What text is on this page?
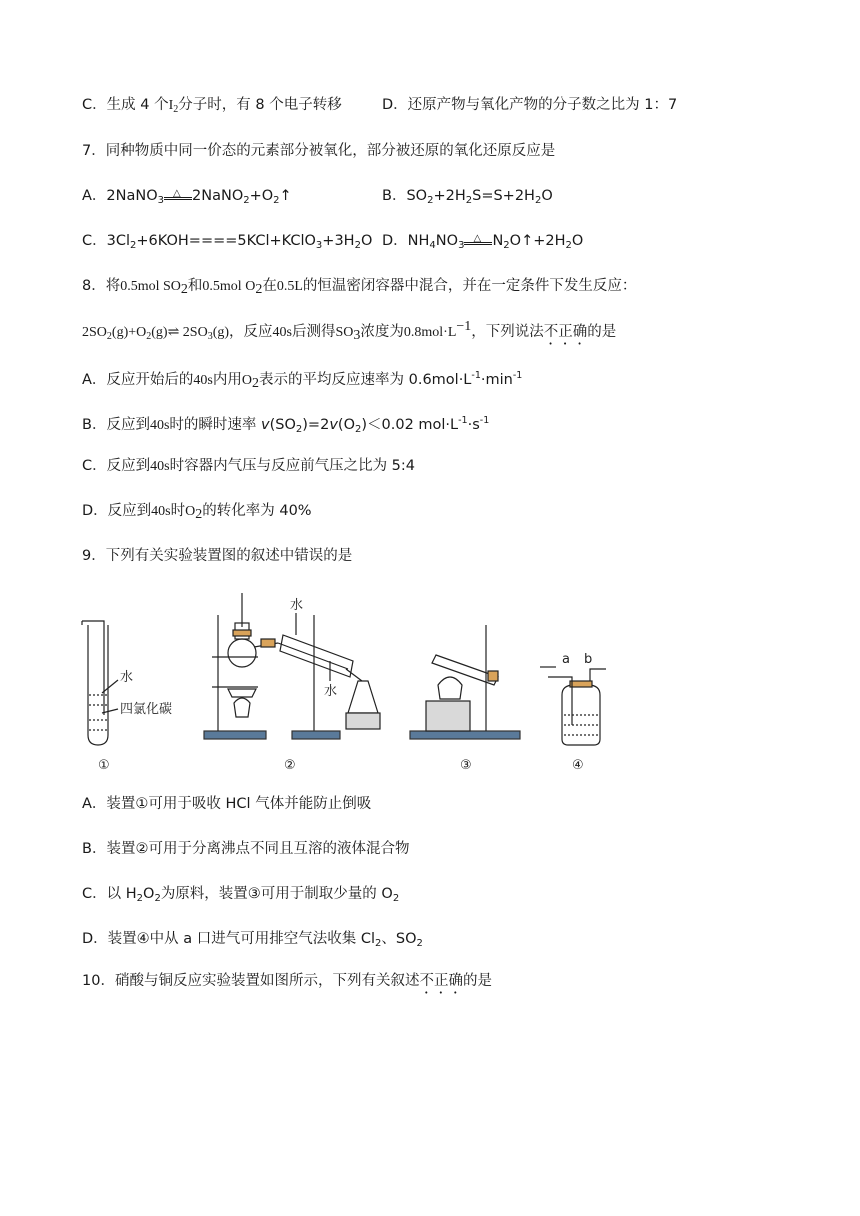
C．生成 4 个$I_2$分子时，有 8 个电子转移	D．还原产物与氧化产物的分子数之比为 1：7
7．同种物质中同一价态的元素部分被氧化，部分被还原的氧化还原反应是
A．2NaNO$_3$
△ $2NaNO_2+O_2↑$	B．$SO_2+2H_2S=S+2H_2O$
C．$3Cl_2+6KOH====5KCl+KClO_3+3H_2O$ D．$NH_4NO_3$
△ $N_2O↑+2H_2O$
8．将0.5mol $SO_2$和0.5mol $O_2$在0.5L的恒温密闭容器中混合，并在一定条件下发生反应：
$2SO_2(g)+O_2(g)\rightleftharpoons$ $2SO_3(g)$，反应40s后测得$SO_3$浓度为$0.8mol\cdot L^{-1}$，下列说法不正确的是
A．反应开始后的40s内用$O_2$表示的平均反应速率为 $0.6mol\cdot L^{-1}\cdot\min^{-1}$
B．反应到40s时的瞬时速率 $v(SO_2)=2v(O_2)<0.02$ $mol\cdot L^{-1}\cdot s^{-1}$
C．反应到40s时容器内气压与反应前气压之比为 5:4
D．反应到40s时$O_2$的转化率为 40%
9．下列有关实验装置图的叙述中错误的是
水
四氯化碳
水
水
a b
①	②	③	④
A．装置①可用于吸收 HCl 气体并能防止倒吸
B．装置②可用于分离沸点不同且互溶的液体混合物
C．以 $H_2O_2$为原料，装置③可用于制取少量的 $O_2$
D．装置④中从 a 口进气可用排空气法收集 $Cl_2$、$SO_2$
10．硝酸与铜反应实验装置如图所示，下列有关叙述不正确的是
